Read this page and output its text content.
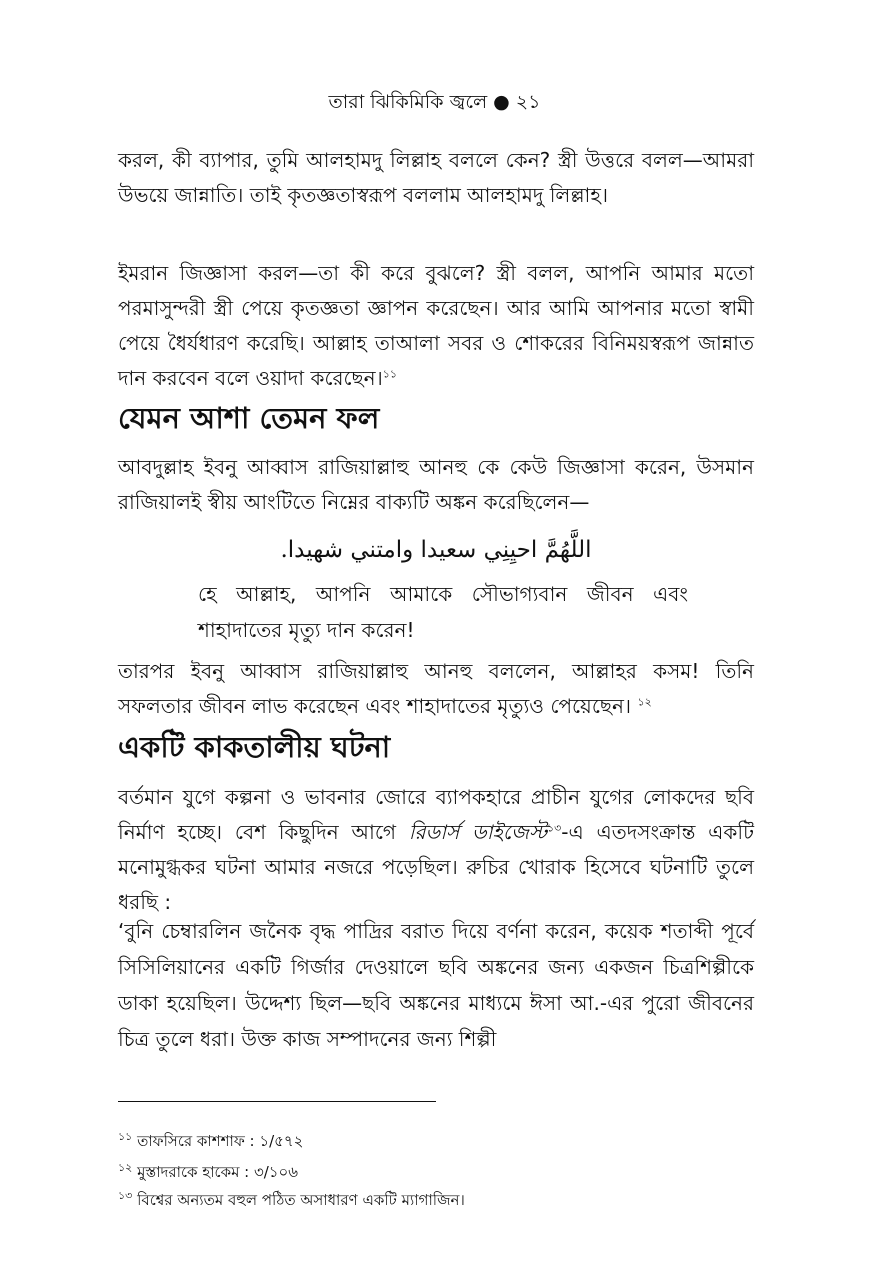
তারা ঝিকিমিকি জ্বলে ● ২১

করল, কী ব্যাপার, তুমি আলহামদু লিল্লাহ বললে কেন? স্ত্রী উত্তরে বলল—আমরা উভয়ে জান্নাতি। তাই কৃতজ্ঞতাস্বরূপ বললাম আলহামদু লিল্লাহ।

ইমরান জিজ্ঞাসা করল—তা কী করে বুঝলে? স্ত্রী বলল, আপনি আমার মতো পরমাসুন্দরী স্ত্রী পেয়ে কৃতজ্ঞতা জ্ঞাপন করেছেন। আর আমি আপনার মতো স্বামী পেয়ে ধৈর্যধারণ করেছি। আল্লাহ তাআলা সবর ও শোকরের বিনিময়স্বরূপ জান্নাত দান করবেন বলে ওয়াদা করেছেন।$^{১১}$

যেমন আশা তেমন ফল

আবদুল্লাহ ইবনু আব্বাস রাজিয়াল্লাহু আনহু কে কেউ জিজ্ঞাসা করেন, উসমান রাজিয়ালই স্বীয় আংটিতে নিম্নের বাক্যটি অঙ্কন করেছিলেন—

اللَّهُمَّ احيِنِي سعيدا وامتني شهيدا.

হে আল্লাহ, আপনি আমাকে সৌভাগ্যবান জীবন এবং শাহাদাতের মৃত্যু দান করেন!

তারপর ইবনু আব্বাস রাজিয়াল্লাহু আনহু বললেন, আল্লাহর কসম! তিনি সফলতার জীবন লাভ করেছেন এবং শাহাদাতের মৃত্যুও পেয়েছেন। $^{১২}$

একটি কাকতালীয় ঘটনা

বর্তমান যুগে কল্পনা ও ভাবনার জোরে ব্যাপকহারে প্রাচীন যুগের লোকদের ছবি নির্মাণ হচ্ছে। বেশ কিছুদিন আগে রিডার্স ডাইজেস্ট$^{১৩}$-এ এতদসংক্রান্ত একটি মনোমুগ্ধকর ঘটনা আমার নজরে পড়েছিল। রুচির খোরাক হিসেবে ঘটনাটি তুলে ধরছি :

‘বুনি চেম্বারলিন জনৈক বৃদ্ধ পাদ্রির বরাত দিয়ে বর্ণনা করেন, কয়েক শতাব্দী পূর্বে সিসিলিয়ানের একটি গির্জার দেওয়ালে ছবি অঙ্কনের জন্য একজন চিত্রশিল্পীকে ডাকা হয়েছিল। উদ্দেশ্য ছিল—ছবি অঙ্কনের মাধ্যমে ঈসা আ.-এর পুরো জীবনের চিত্র তুলে ধরা। উক্ত কাজ সম্পাদনের জন্য শিল্পী

$^{১১}$ তাফসিরে কাশশাফ : ১/৫৭২

$^{১২}$ মুস্তাদরাকে হাকেম : ৩/১০৬

$^{১৩}$ বিশ্বের অন্যতম বহুল পঠিত অসাধারণ একটি ম্যাগাজিন।
